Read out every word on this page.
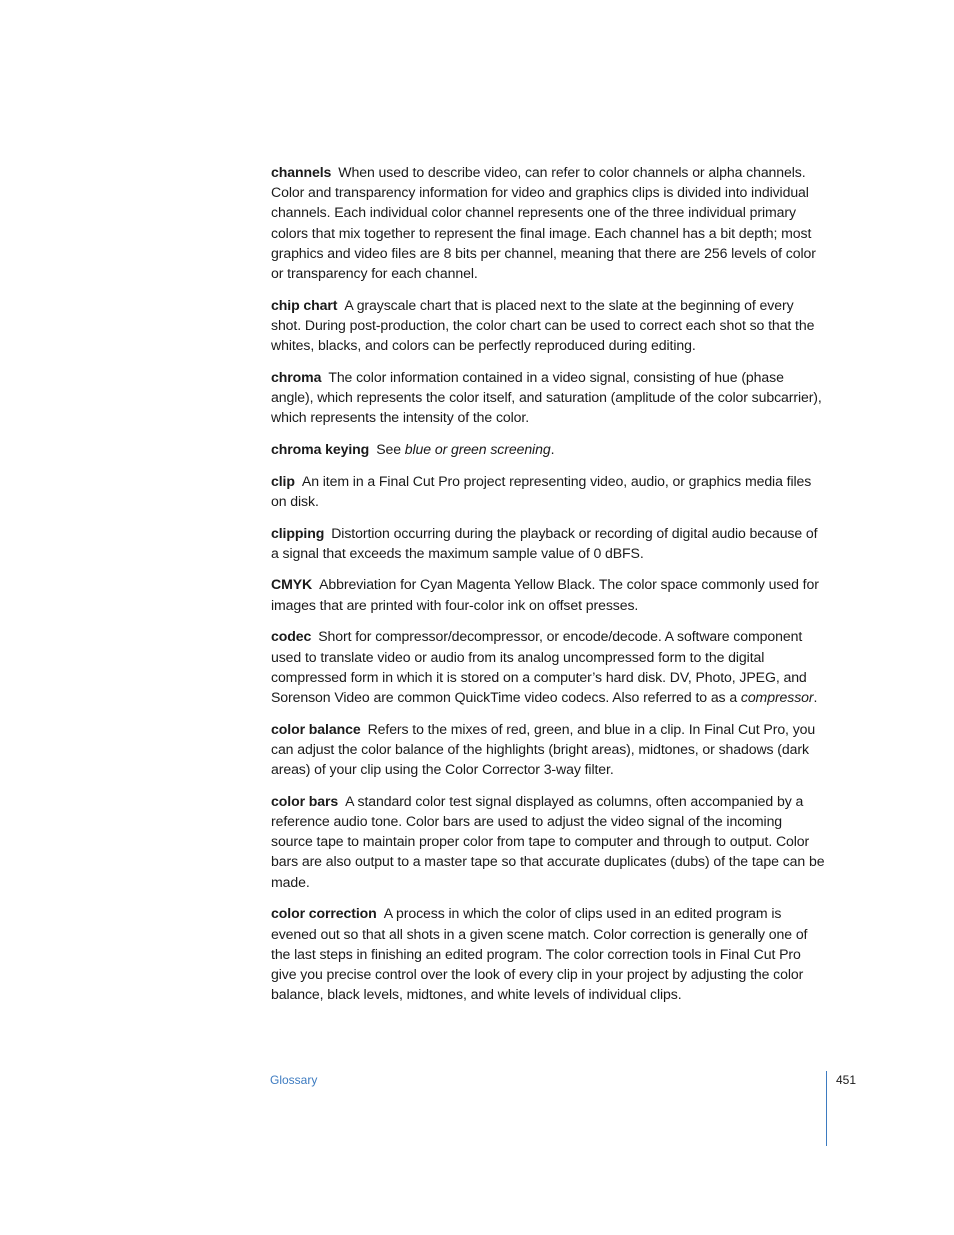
channels When used to describe video, can refer to color channels or alpha channels. Color and transparency information for video and graphics clips is divided into individual channels. Each individual color channel represents one of the three individual primary colors that mix together to represent the final image. Each channel has a bit depth; most graphics and video files are 8 bits per channel, meaning that there are 256 levels of color or transparency for each channel.

chip chart A grayscale chart that is placed next to the slate at the beginning of every shot. During post-production, the color chart can be used to correct each shot so that the whites, blacks, and colors can be perfectly reproduced during editing.

chroma The color information contained in a video signal, consisting of hue (phase angle), which represents the color itself, and saturation (amplitude of the color subcarrier), which represents the intensity of the color.

chroma keying See blue or green screening.

clip An item in a Final Cut Pro project representing video, audio, or graphics media files on disk.

clipping Distortion occurring during the playback or recording of digital audio because of a signal that exceeds the maximum sample value of 0 dBFS.

CMYK Abbreviation for Cyan Magenta Yellow Black. The color space commonly used for images that are printed with four-color ink on offset presses.

codec Short for compressor/decompressor, or encode/decode. A software component used to translate video or audio from its analog uncompressed form to the digital compressed form in which it is stored on a computer’s hard disk. DV, Photo, JPEG, and Sorenson Video are common QuickTime video codecs. Also referred to as a compressor.

color balance Refers to the mixes of red, green, and blue in a clip. In Final Cut Pro, you can adjust the color balance of the highlights (bright areas), midtones, or shadows (dark areas) of your clip using the Color Corrector 3-way filter.

color bars A standard color test signal displayed as columns, often accompanied by a reference audio tone. Color bars are used to adjust the video signal of the incoming source tape to maintain proper color from tape to computer and through to output. Color bars are also output to a master tape so that accurate duplicates (dubs) of the tape can be made.

color correction A process in which the color of clips used in an edited program is evened out so that all shots in a given scene match. Color correction is generally one of the last steps in finishing an edited program. The color correction tools in Final Cut Pro give you precise control over the look of every clip in your project by adjusting the color balance, black levels, midtones, and white levels of individual clips.

Glossary	451
